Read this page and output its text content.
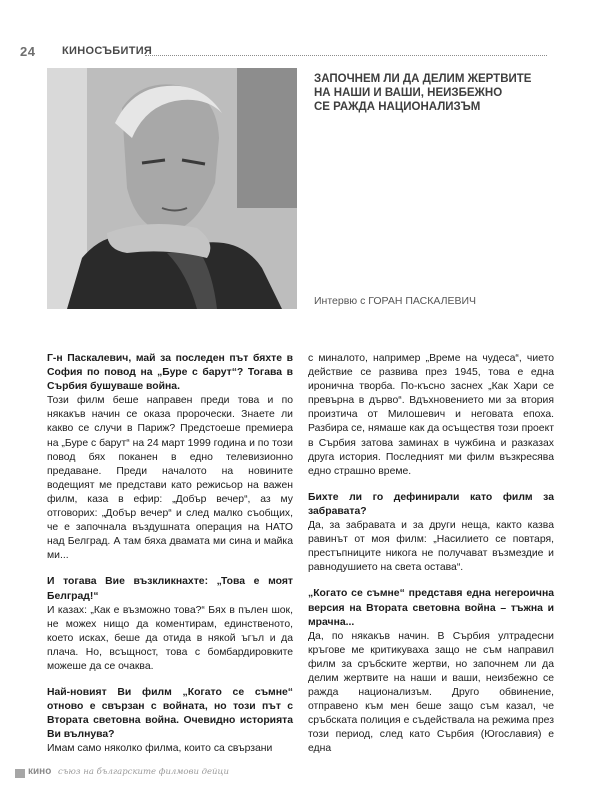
24 КИНОСЪБИТИЯ
ЗАПОЧНЕМ ЛИ ДА ДЕЛИМ ЖЕРТВИТЕ
НА НАШИ И ВАШИ, НЕИЗБЕЖНО
СЕ РАЖДА НАЦИОНАЛИЗЪМ
Интервю с ГОРАН ПАСКАЛЕВИЧ

Г-н Паскалевич, май за последен път бяхте в София по повод на „Буре с барут“? Тогава в Сърбия бушуваше война.

Този филм беше направен преди това и по някакъв начин се оказа пророчески. Знаете ли какво се случи в Париж? Предстоеше премиера на „Буре с барут“ на 24 март 1999 година и по този повод бях поканен в едно телевизионно предаване. Преди началото на новините водещият ме представи като режисьор на важен филм, каза в ефир: „Добър вечер“, аз му отговорих: „Добър вечер“ и след малко съобщих, че е започнала въздушната операция на НАТО над Белград. А там бяха двамата ми сина и майка ми...

И тогава Вие възкликнахте: „Това е моят Белград!“

И казах: „Как е възможно това?“ Бях в пълен шок, не можех нищо да коментирам, единственото, което исках, беше да отида в някой ъгъл и да плача. Но, всъщност, това с бомбардировките можеше да се очаква.

Най-новият Ви филм „Когато се съмне“ отново е свързан с войната, но този път с Втората световна война. Очевидно историята Ви вълнува?

Имам само няколко филма, които са свързани

с миналото, например „Време на чудеса“, чието действие се развива през 1945, това е една иронична творба. По-късно заснех „Как Хари се превърна в дърво“. Вдъхновението ми за втория произтича от Милошевич и неговата епоха. Разбира се, нямаше как да осъществя този проект в Сърбия затова заминах в чужбина и разказах друга история. Последният ми филм възкресява едно страшно време.

Бихте ли го дефинирали като филм за забравата?

Да, за забравата и за други неща, както казва равинът от моя филм: „Насилието се повтаря, престъпниците никога не получават възмездие и равнодушието на света остава“.

„Когато се съмне“ представя една негероична версия на Втората световна война – тъжна и мрачна...

Да, по някакъв начин. В Сърбия ултрадесни кръгове ме критикуваха защо не съм направил филм за сръбските жертви, но започнем ли да делим жертвите на наши и ваши, неизбежно се ражда национализъм. Друго обвинение, отправено към мен беше защо съм казал, че сръбската полиция е съдействала на режима през този период, след като Сърбия (Югославия) е една

кино съюз на българските филмови дейци
